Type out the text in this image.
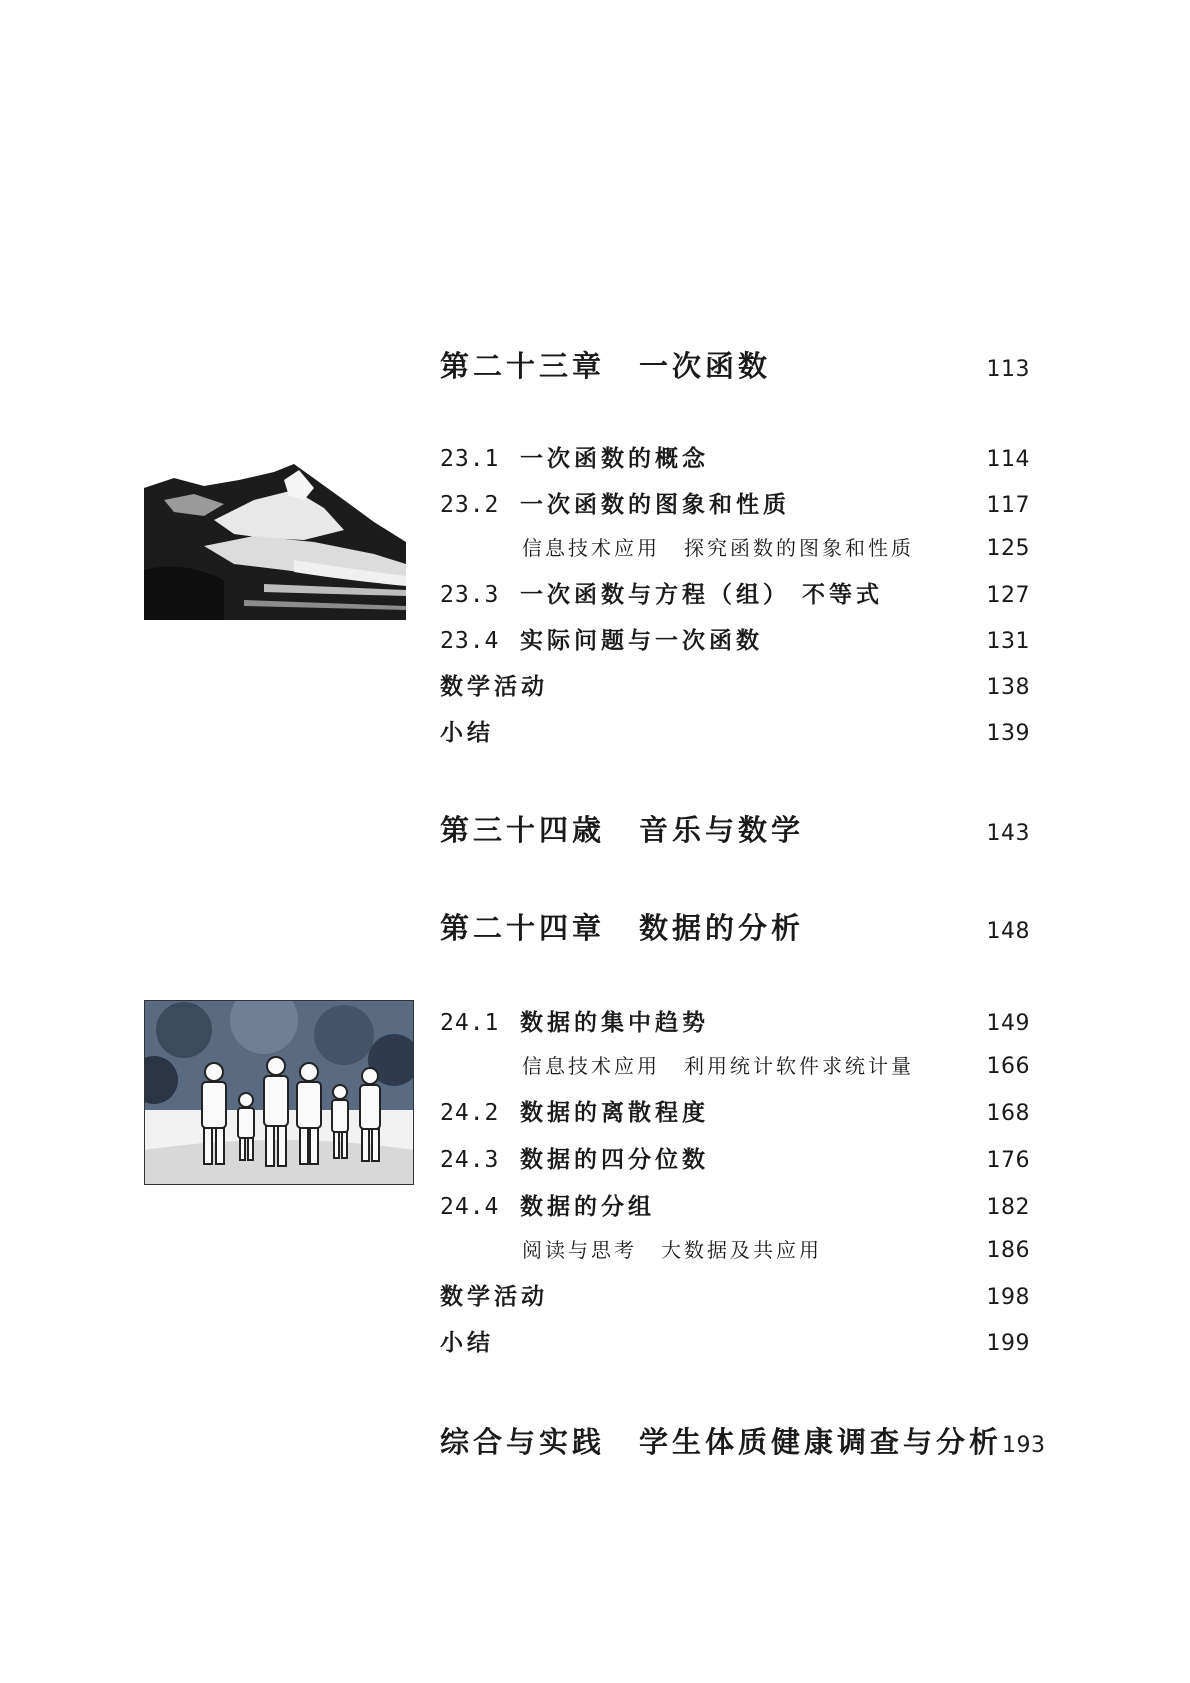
第二十三章 一次函数	113
23.1 一次函数的概念	114
23.2 一次函数的图象和性质	117
信息技术应用 探究函数的图象和性质	125
23.3 一次函数与方程（组） 不等式	127
23.4 实际问题与一次函数	131
数学活动	138
小结	139
第三十四歳 音乐与数学	143
第二十四章 数据的分析	148
24.1 数据的集中趋势	149
信息技术应用 利用统计软件求统计量	166
24.2 数据的离散程度	168
24.3 数据的四分位数	176
24.4 数据的分组	182
阅读与思考 大数据及共应用	186
数学活动	198
小结	199
综合与实践 学生体质健康调查与分析 193
